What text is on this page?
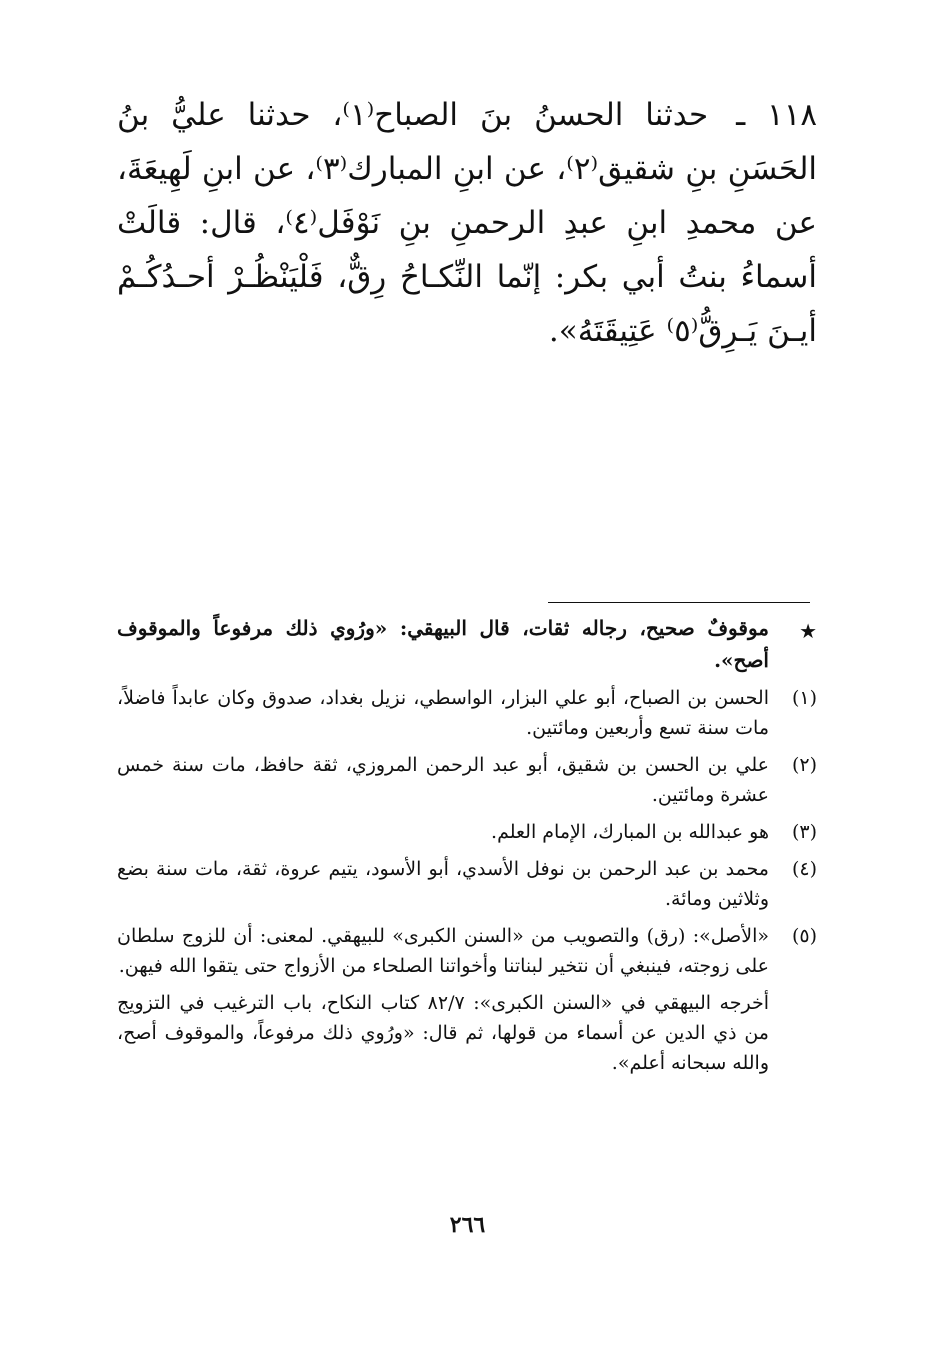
١١٨ ـ حدثنا الحسنُ بنَ الصباح⁽١⁾، حدثنا عليُّ بنُ الحَسَنِ بنِ شقيق⁽٢⁾، عن ابنِ المبارك⁽٣⁾، عن ابنِ لَهِيعَةَ، عن محمدِ ابنِ عبدِ الرحمنِ بنِ نَوْفَل⁽٤⁾، قال: قالَتْ أسماءُ بنتُ أبي بكر: إنّما النِّكـاحُ رِقٌّ، فَلْيَنْظُـرْ أحـدُكُـمْ أيـنَ يَـرِقُّ⁽٥⁾ عَتِيقَتَهُ».
★
موقوفٌ صحيح، رجاله ثقات، قال البيهقي: «ورُوي ذلك مرفوعاً والموقوف أصح».
(١)
الحسن بن الصباح، أبو علي البزار، الواسطي، نزيل بغداد، صدوق وكان عابداً فاضلاً، مات سنة تسع وأربعين ومائتين.
(٢)
علي بن الحسن بن شقيق، أبو عبد الرحمن المروزي، ثقة حافظ، مات سنة خمس عشرة ومائتين.
(٣)
هو عبدالله بن المبارك، الإمام العلم.
(٤)
محمد بن عبد الرحمن بن نوفل الأسدي، أبو الأسود، يتيم عروة، ثقة، مات سنة بضع وثلاثين ومائة.
(٥)
«الأصل»: (رق) والتصويب من «السنن الكبرى» للبيهقي. لمعنى: أن للزوج سلطان على زوجته، فينبغي أن نتخير لبناتنا وأخواتنا الصلحاء من الأزواج حتى يتقوا الله فيهن.
أخرجه البيهقي في «السنن الكبرى»: ٨٢/٧ كتاب النكاح، باب الترغيب في التزويج من ذي الدين عن أسماء من قولها، ثم قال: «ورُوي ذلك مرفوعاً، والموقوف أصح، والله سبحانه أعلم».
٢٦٦
